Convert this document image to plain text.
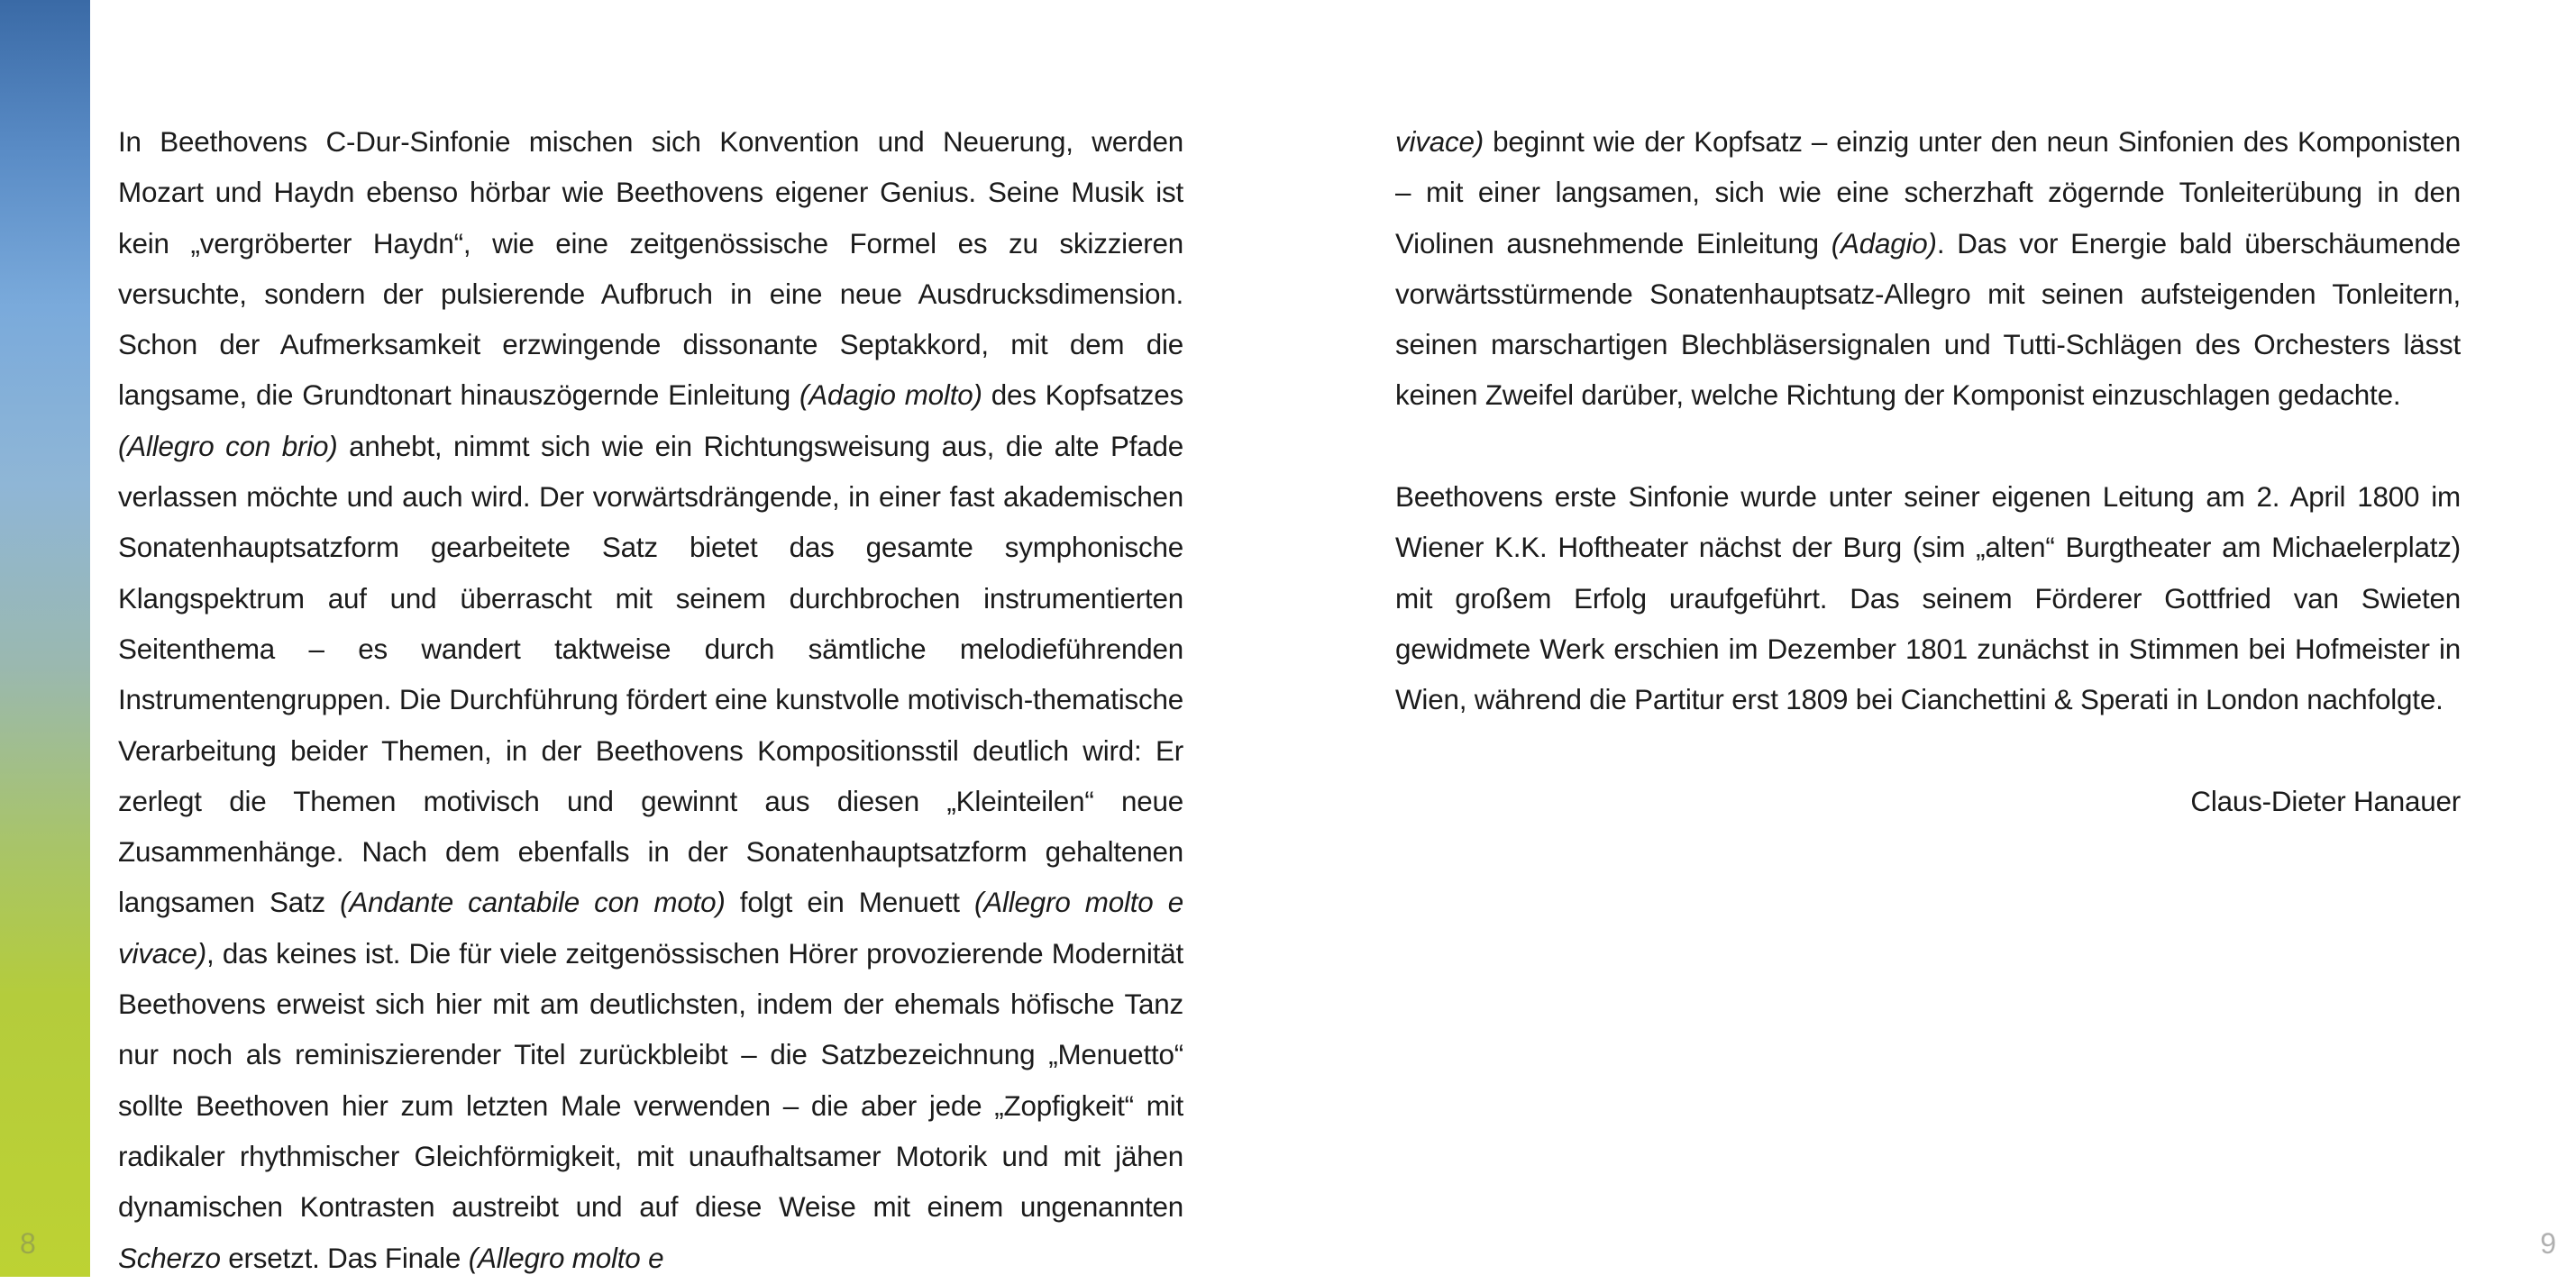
8	9

In Beethovens C-Dur-Sinfonie mischen sich Konvention und Neuerung, werden Mozart und Haydn ebenso hörbar wie Beethovens eigener Genius. Seine Musik ist kein „vergröberter Haydn“, wie eine zeitgenössische Formel es zu skizzieren versuchte, sondern der pulsierende Aufbruch in eine neue Ausdrucksdimension. Schon der Aufmerksamkeit erzwingende dissonante Septakkord, mit dem die langsame, die Grundtonart hinauszögernde Einleitung (Adagio molto) des Kopfsatzes (Allegro con brio) anhebt, nimmt sich wie ein Richtungsweisung aus, die alte Pfade verlassen möchte und auch wird. Der vorwärtsdrängende, in einer fast akademischen Sonatenhauptsatzform gearbeitete Satz bietet das gesamte symphonische Klangspektrum auf und überrascht mit seinem durchbrochen instrumentierten Seitenthema – es wandert taktweise durch sämtliche melodieführenden Instrumentengruppen. Die Durchführung fördert eine kunstvolle motivisch-thematische Verarbeitung beider Themen, in der Beethovens Kompositionsstil deutlich wird: Er zerlegt die Themen motivisch und gewinnt aus diesen „Kleinteilen“ neue Zusammenhänge. Nach dem ebenfalls in der Sonatenhauptsatzform gehaltenen langsamen Satz (Andante cantabile con moto) folgt ein Menuett (Allegro molto e vivace), das keines ist. Die für viele zeitgenössischen Hörer provozierende Modernität Beethovens erweist sich hier mit am deutlichsten, indem der ehemals höfische Tanz nur noch als reminiszierender Titel zurückbleibt – die Satzbezeichnung „Menuetto“ sollte Beethoven hier zum letzten Male verwenden – die aber jede „Zopfigkeit“ mit radikaler rhythmischer Gleichförmigkeit, mit unaufhaltsamer Motorik und mit jähen dynamischen Kontrasten austreibt und auf diese Weise mit einem ungenannten Scherzo ersetzt. Das Finale (Allegro molto e

vivace) beginnt wie der Kopfsatz – einzig unter den neun Sinfonien des Komponisten – mit einer langsamen, sich wie eine scherzhaft zögernde Tonleiterübung in den Violinen ausnehmende Einleitung (Adagio). Das vor Energie bald überschäumende vorwärtsstürmende Sonatenhauptsatz-Allegro mit seinen aufsteigenden Tonleitern, seinen marschartigen Blechbläsersignalen und Tutti-Schlägen des Orchesters lässt keinen Zweifel darüber, welche Richtung der Komponist einzuschlagen gedachte.

Beethovens erste Sinfonie wurde unter seiner eigenen Leitung am 2. April 1800 im Wiener K.K. Hoftheater nächst der Burg (sim „alten“ Burgtheater am Michaelerplatz) mit großem Erfolg uraufgeführt. Das seinem Förderer Gottfried van Swieten gewidmete Werk erschien im Dezember 1801 zunächst in Stimmen bei Hofmeister in Wien, während die Partitur erst 1809 bei Cianchettini & Sperati in London nachfolgte.

Claus-Dieter Hanauer
